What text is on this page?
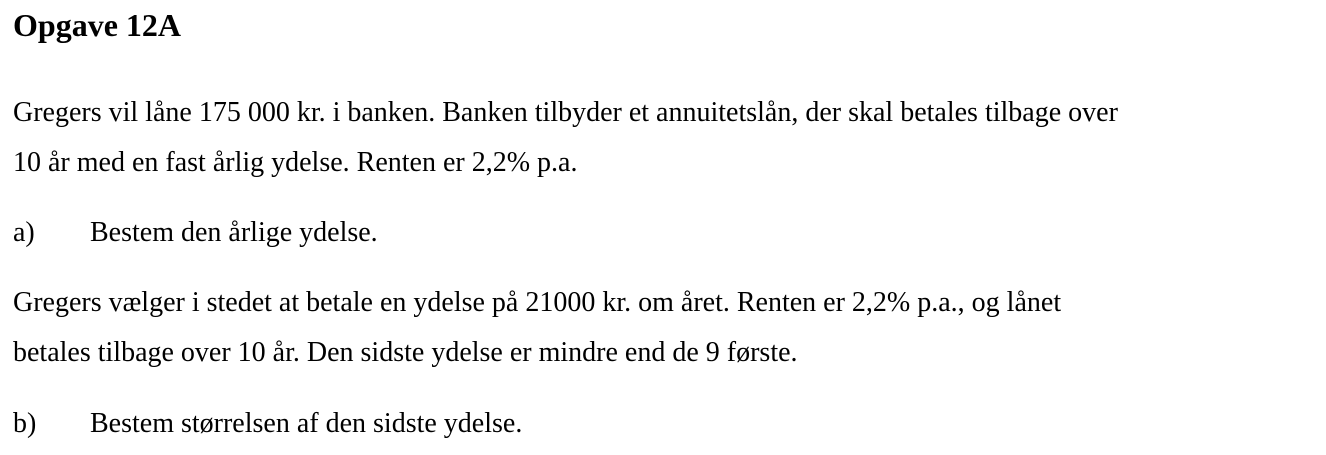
Opgave 12A
Gregers vil låne 175 000 kr. i banken. Banken tilbyder et annuitetslån, der skal betales tilbage over
10 år med en fast årlig ydelse. Renten er 2,2% p.a.
a) Bestem den årlige ydelse.
Gregers vælger i stedet at betale en ydelse på 21000 kr. om året. Renten er 2,2% p.a., og lånet
betales tilbage over 10 år. Den sidste ydelse er mindre end de 9 første.
b) Bestem størrelsen af den sidste ydelse.
